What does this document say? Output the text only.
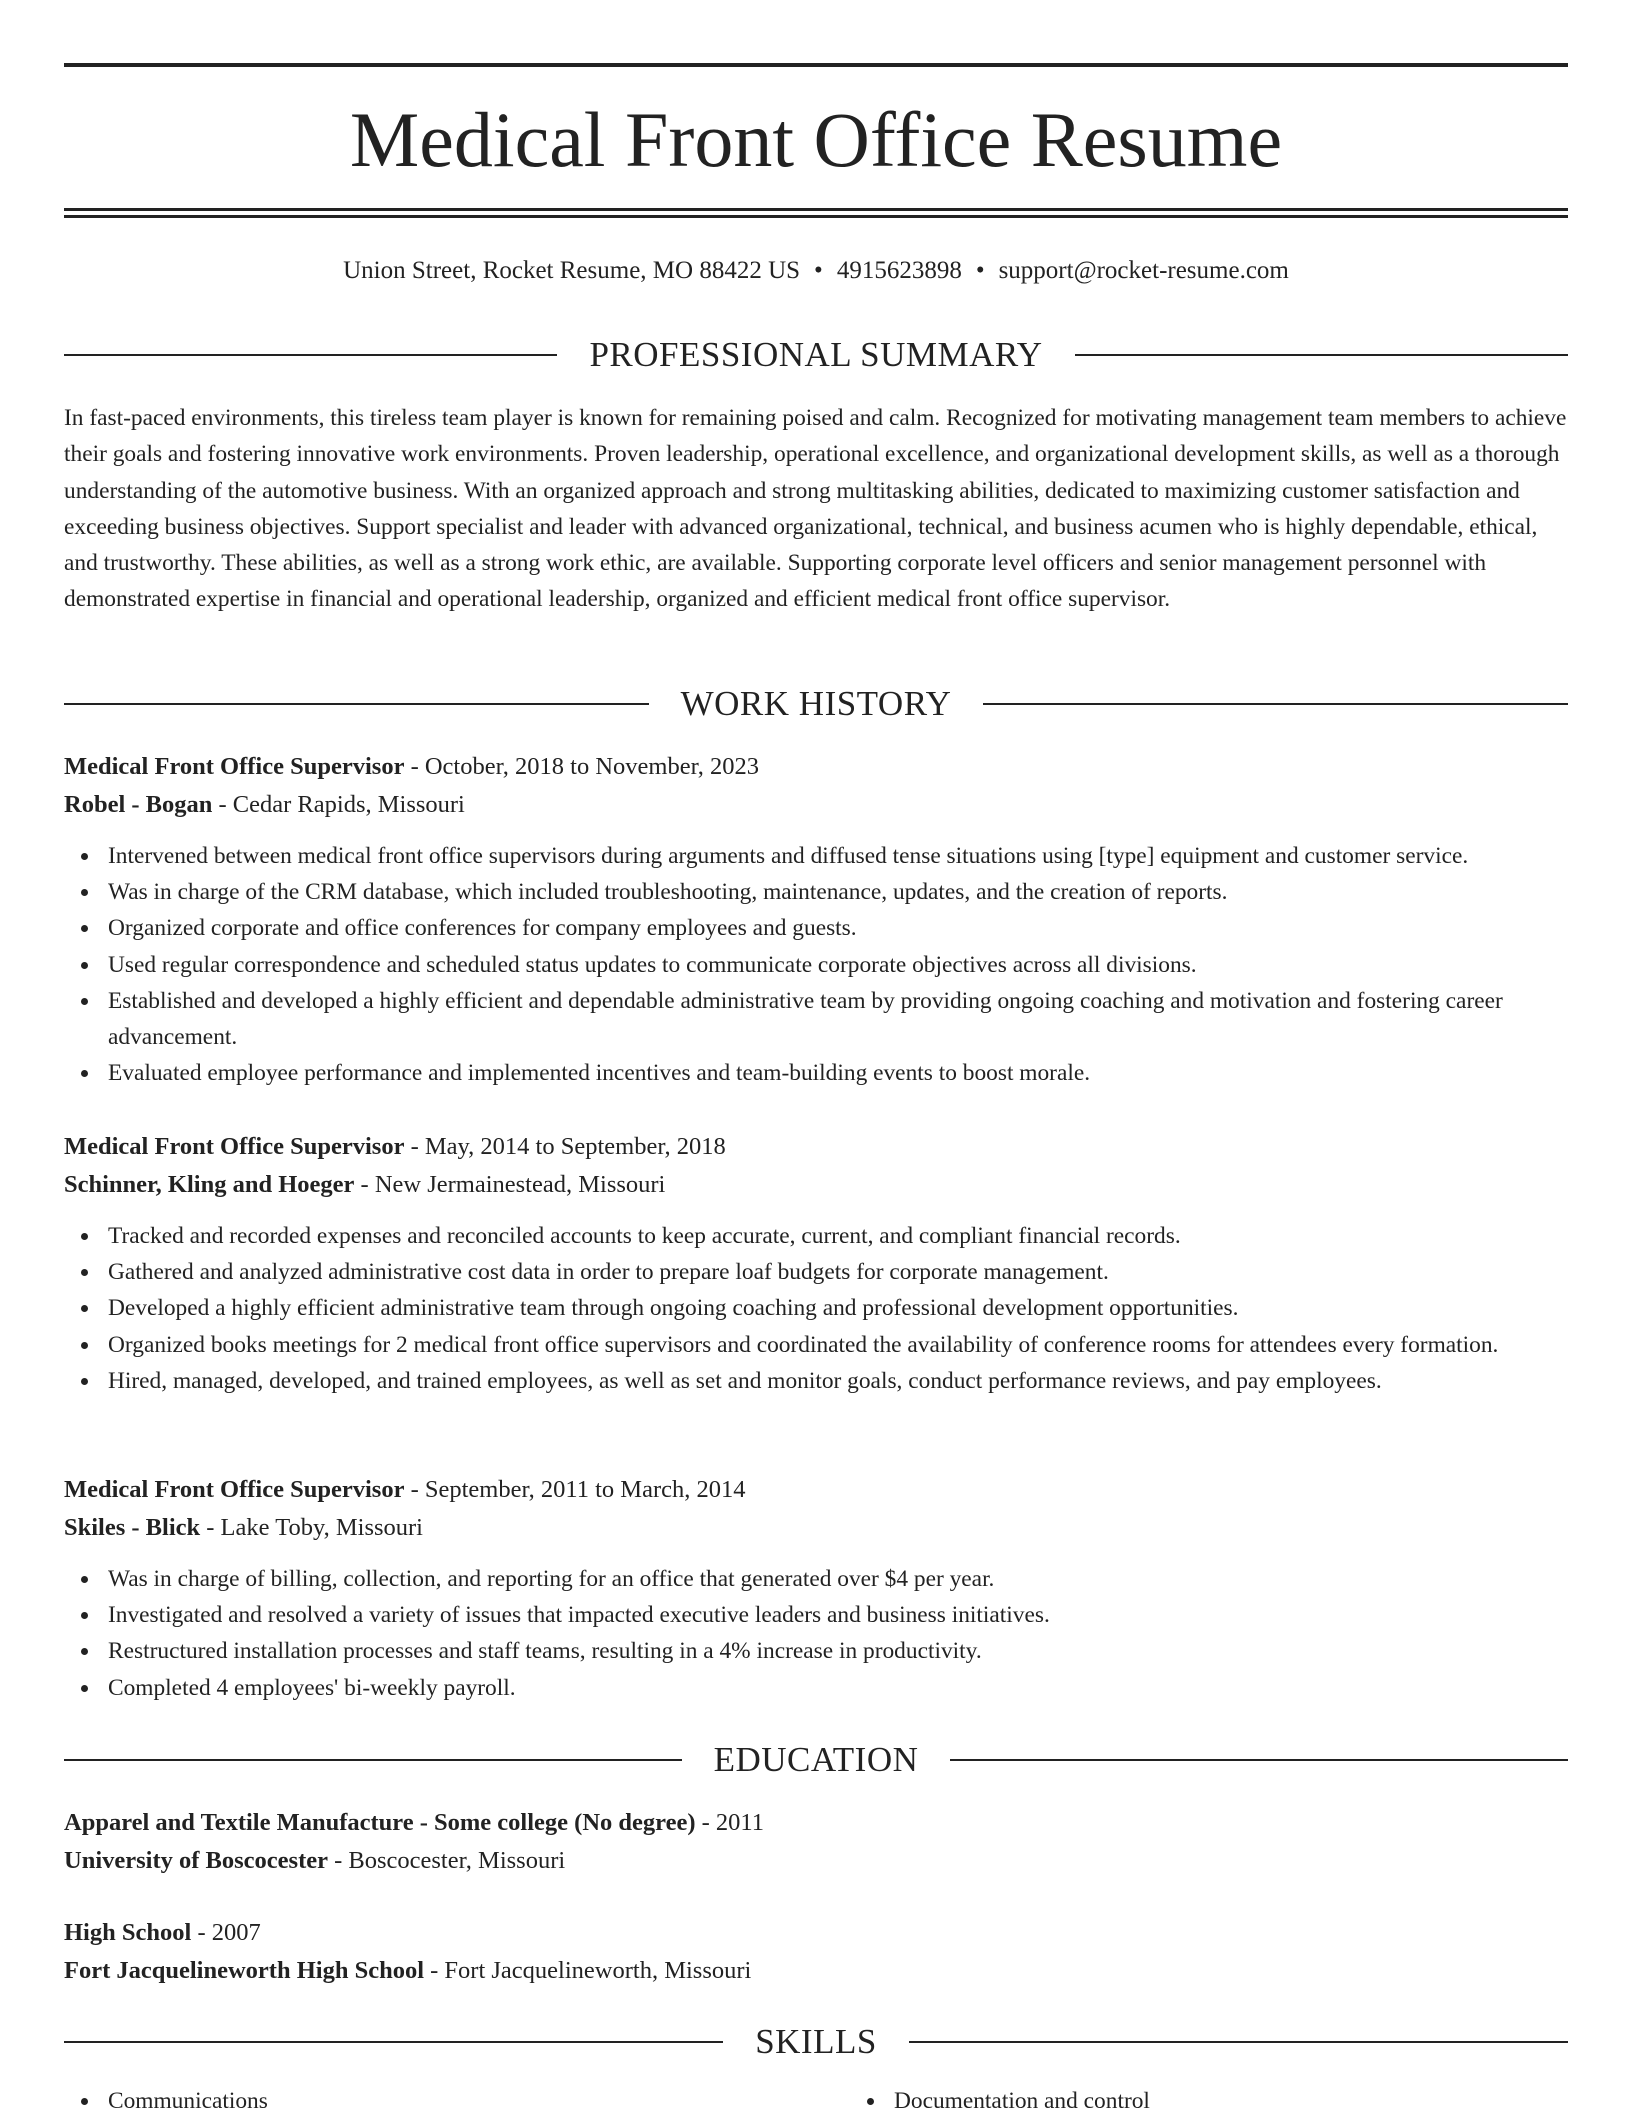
Medical Front Office Resume
Union Street, Rocket Resume, MO 88422 US • 4915623898 • support@rocket-resume.com
PROFESSIONAL SUMMARY

In fast-paced environments, this tireless team player is known for remaining poised and calm. Recognized for motivating management team members to achieve their goals and fostering innovative work environments. Proven leadership, operational excellence, and organizational development skills, as well as a thorough understanding of the automotive business. With an organized approach and strong multitasking abilities, dedicated to maximizing customer satisfaction and exceeding business objectives. Support specialist and leader with advanced organizational, technical, and business acumen who is highly dependable, ethical, and trustworthy. These abilities, as well as a strong work ethic, are available. Supporting corporate level officers and senior management personnel with demonstrated expertise in financial and operational leadership, organized and efficient medical front office supervisor.

WORK HISTORY
Medical Front Office Supervisor - October, 2018 to November, 2023
Robel - Bogan - Cedar Rapids, Missouri
Intervened between medical front office supervisors during arguments and diffused tense situations using [type] equipment and customer service.
Was in charge of the CRM database, which included troubleshooting, maintenance, updates, and the creation of reports.
Organized corporate and office conferences for company employees and guests.
Used regular correspondence and scheduled status updates to communicate corporate objectives across all divisions.
Established and developed a highly efficient and dependable administrative team by providing ongoing coaching and motivation and fostering career advancement.
Evaluated employee performance and implemented incentives and team-building events to boost morale.
Medical Front Office Supervisor - May, 2014 to September, 2018
Schinner, Kling and Hoeger - New Jermainestead, Missouri
Tracked and recorded expenses and reconciled accounts to keep accurate, current, and compliant financial records.
Gathered and analyzed administrative cost data in order to prepare loaf budgets for corporate management.
Developed a highly efficient administrative team through ongoing coaching and professional development opportunities.
Organized books meetings for 2 medical front office supervisors and coordinated the availability of conference rooms for attendees every formation.
Hired, managed, developed, and trained employees, as well as set and monitor goals, conduct performance reviews, and pay employees.
Medical Front Office Supervisor - September, 2011 to March, 2014
Skiles - Blick - Lake Toby, Missouri
Was in charge of billing, collection, and reporting for an office that generated over $4 per year.
Investigated and resolved a variety of issues that impacted executive leaders and business initiatives.
Restructured installation processes and staff teams, resulting in a 4% increase in productivity.
Completed 4 employees' bi-weekly payroll.
EDUCATION
Apparel and Textile Manufacture - Some college (No degree) - 2011
University of Boscocester - Boscocester, Missouri
High School - 2007
Fort Jacquelineworth High School - Fort Jacquelineworth, Missouri
SKILLS
Communications	Documentation and control
